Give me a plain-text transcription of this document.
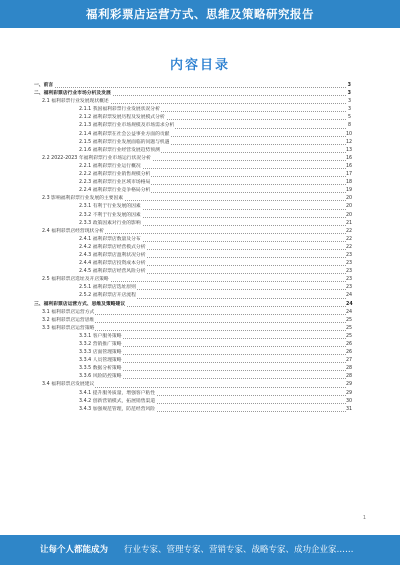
福利彩票店运营方式、思维及策略研究报告
内容目录
一、前言	3
二、福利彩票店行业市场分析及发展	3
2.1 福利彩票行业发展现状概述	3
2.1.1 我国福利彩票行业发展状况分析	3
2.1.2 福利彩票发展历程及发展模式分析	5
2.1.3 福利彩票行业市场规模及市场需求分析	8
2.1.4 福利彩票在社会公益事业方面的贡献	10
2.1.5 福利彩票行业发展面临的问题与机遇	12
2.1.6 福利彩票行业经营发展趋势预测	13
2.2 2022-2023 年福利彩票行业市场运行状况分析	16
2.2.1 福利彩票行业运行概况	16
2.2.2 福利彩票行业销售规模分析	17
2.2.3 福利彩票行业区域市场格局	18
2.2.4 福利彩票行业竞争格局分析	19
2.3 影响福利彩票行业发展的主要因素	20
2.3.1 有利于行业发展的因素	20
2.3.2 不利于行业发展的因素	20
2.3.3 政策因素对行业的影响	21
2.4 福利彩票店经营现状分析	22
2.4.1 福利彩票店数量及分布	22
2.4.2 福利彩票店经营模式分析	22
2.4.3 福利彩票店盈利状况分析	23
2.4.4 福利彩票店投资成本分析	23
2.4.5 福利彩票店经营风险分析	23
2.5 福利彩票店选址及开店策略	23
2.5.1 福利彩票店选址原则	23
2.5.2 福利彩票店开店流程	24
三、福利彩票店运营方式、思维及策略建议	24
3.1 福利彩票店运营方式	24
3.2 福利彩票店运营思维	25
3.3 福利彩票店运营策略	25
3.3.1 客户服务策略	25
3.3.2 营销推广策略	26
3.3.3 店面管理策略	26
3.3.4 人员管理策略	27
3.3.5 数据分析策略	28
3.3.6 风险防控策略	28
3.4 福利彩票店发展建议	29
3.4.1 提升服务质量，增强客户粘性	29
3.4.2 创新营销模式，拓展销售渠道	30
3.4.3 加强规范管理，防范经营风险	31
1
让每个人都能成为 行业专家、管理专家、营销专家、战略专家、成功企业家……
